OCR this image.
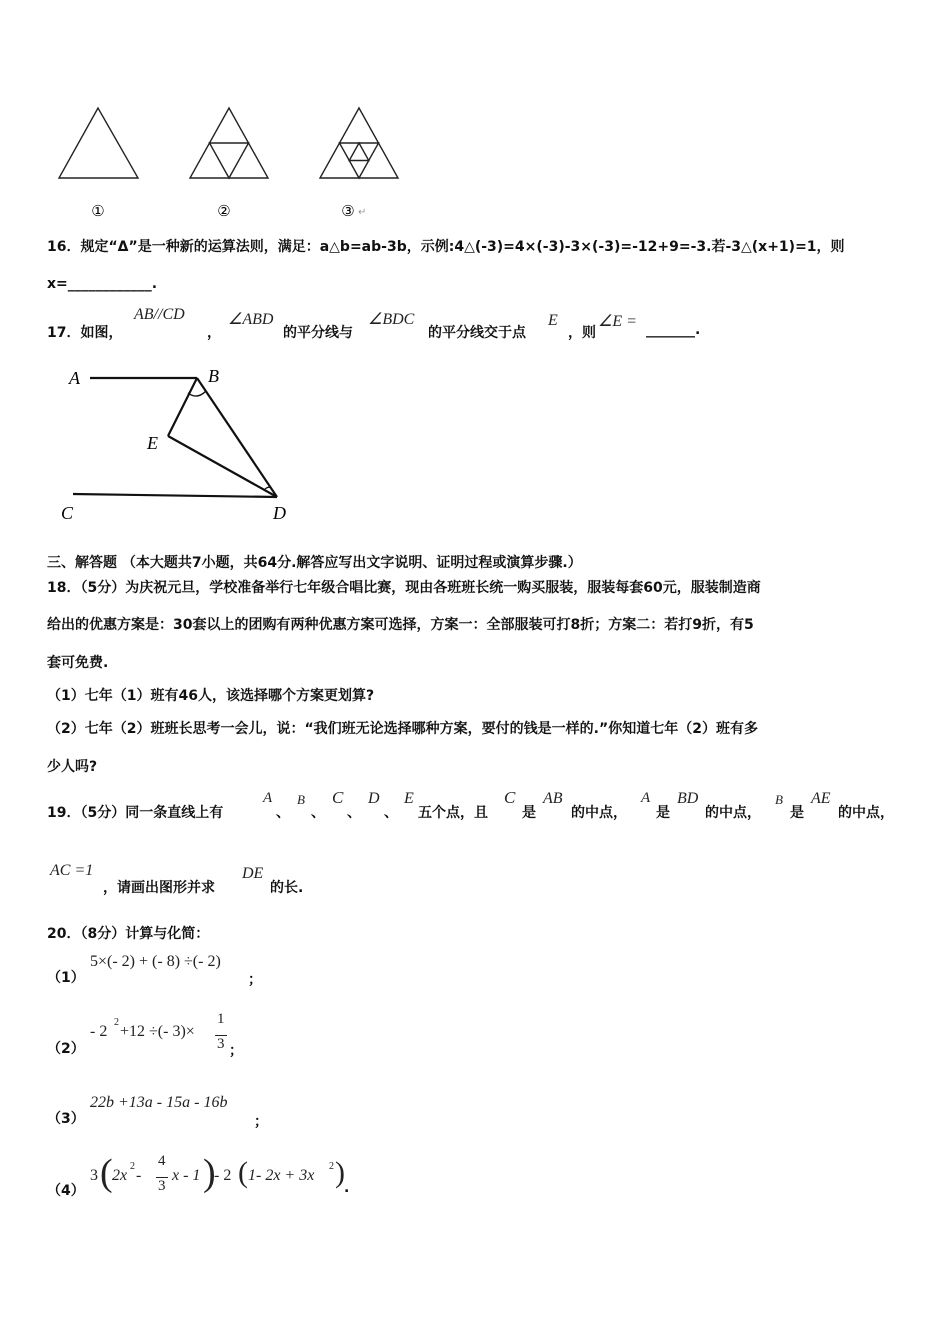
①	②	③ ↵
16．规定“Δ”是一种新的运算法则，满足：a△b=ab-3b，示例:4△(-3)=4×(-3)-3×(-3)=-12+9=-3.若-3△(x+1)=1，则
x=____________.
17．如图，
AB//CD
，
∠ABD
的平分线与
∠BDC
的平分线交于点
E
，则
∠E = _______.
A	B
E
C	D
三、解答题 （本大题共7小题，共64分.解答应写出文字说明、证明过程或演算步骤.）
18．（5分）为庆祝元旦，学校准备举行七年级合唱比赛，现由各班班长统一购买服装，服装每套60元，服装制造商
给出的优惠方案是：30套以上的团购有两种优惠方案可选择，方案一：全部服装可打8折；方案二：若打9折，有5
套可免费.
（1）七年（1）班有46人，该选择哪个方案更划算?
（2）七年（2）班班长思考一会儿，说：“我们班无论选择哪种方案，要付的钱是一样的.”你知道七年（2）班有多
少人吗?
19．（5分）同一条直线上有
A
、
B
、
C
、
D
、
E
五个点，且
C
是
AB
的中点，
A
是
BD
的中点，
B
是
AE
的中点，
AC =1
，请画出图形并求
DE
的长.
20．（8分）计算与化简：
（1）
5×(- 2) + (- 8) ÷(- 2)
；
（2）
- 2
2
+12 ÷(- 3)×
1
3 ；
（3）
22b +13a - 15a - 16b
；
（4）
3 ( 2x
2
-
4
3
x - 1 )
- 2 ( 1- 2x + 3x
2 ) .
